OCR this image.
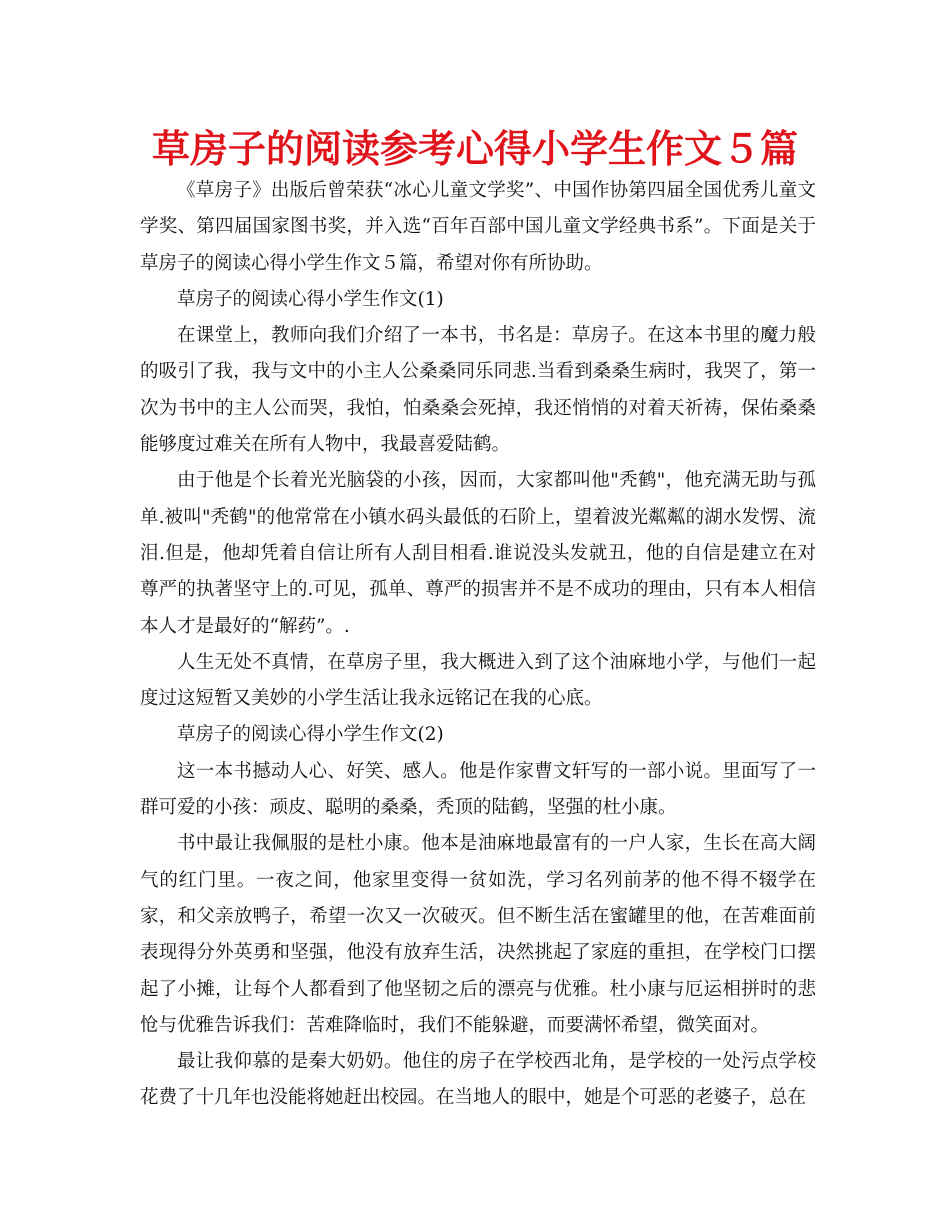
草房子的阅读参考心得小学生作文５篇

《草房子》出版后曾荣获“冰心儿童文学奖”、中国作协第四届全国优秀儿童文学奖、第四届国家图书奖，并入选“百年百部中国儿童文学经典书系”。下面是关于草房子的阅读心得小学生作文５篇，希望对你有所协助。

草房子的阅读心得小学生作文(1)

在课堂上，教师向我们介绍了一本书，书名是：草房子。在这本书里的魔力般的吸引了我，我与文中的小主人公桑桑同乐同悲.当看到桑桑生病时，我哭了，第一次为书中的主人公而哭，我怕，怕桑桑会死掉，我还悄悄的对着天祈祷，保佑桑桑能够度过难关在所有人物中，我最喜爱陆鹤。

由于他是个长着光光脑袋的小孩，因而，大家都叫他"秃鹤"，他充满无助与孤单.被叫"秃鹤"的他常常在小镇水码头最低的石阶上，望着波光粼粼的湖水发愣、流泪.但是，他却凭着自信让所有人刮目相看.谁说没头发就丑，他的自信是建立在对尊严的执著坚守上的.可见，孤单、尊严的损害并不是不成功的理由，只有本人相信本人才是最好的“解药”。.

人生无处不真情，在草房子里，我大概进入到了这个油麻地小学，与他们一起度过这短暂又美妙的小学生活让我永远铭记在我的心底。

草房子的阅读心得小学生作文(2)

这一本书撼动人心、好笑、感人。他是作家曹文轩写的一部小说。里面写了一群可爱的小孩：顽皮、聪明的桑桑，秃顶的陆鹤，坚强的杜小康。

书中最让我佩服的是杜小康。他本是油麻地最富有的一户人家，生长在高大阔气的红门里。一夜之间，他家里变得一贫如洗，学习名列前茅的他不得不辍学在家，和父亲放鸭子，希望一次又一次破灭。但不断生活在蜜罐里的他，在苦难面前表现得分外英勇和坚强，他没有放弃生活，决然挑起了家庭的重担，在学校门口摆起了小摊，让每个人都看到了他坚韧之后的漂亮与优雅。杜小康与厄运相拼时的悲怆与优雅告诉我们：苦难降临时，我们不能躲避，而要满怀希望，微笑面对。

最让我仰慕的是秦大奶奶。他住的房子在学校西北角，是学校的一处污点学校花费了十几年也没能将她赶出校园。在当地人的眼中，她是个可恶的老婆子，总在
